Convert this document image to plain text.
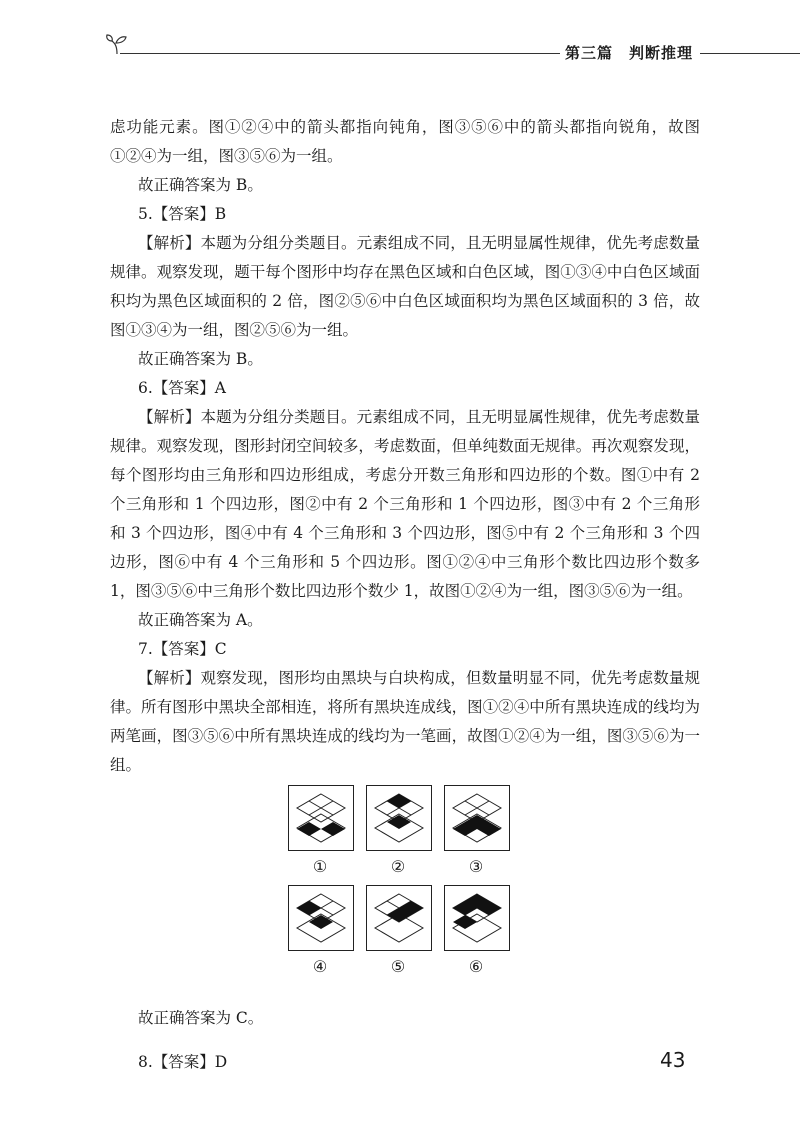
第三篇　判断推理

虑功能元素。图①②④中的箭头都指向钝角，图③⑤⑥中的箭头都指向锐角，故图①②④为一组，图③⑤⑥为一组。

故正确答案为 B。

5.【答案】B

【解析】本题为分组分类题目。元素组成不同，且无明显属性规律，优先考虑数量规律。观察发现，题干每个图形中均存在黑色区域和白色区域，图①③④中白色区域面积均为黑色区域面积的 2 倍，图②⑤⑥中白色区域面积均为黑色区域面积的 3 倍，故图①③④为一组，图②⑤⑥为一组。

故正确答案为 B。

6.【答案】A

【解析】本题为分组分类题目。元素组成不同，且无明显属性规律，优先考虑数量规律。观察发现，图形封闭空间较多，考虑数面，但单纯数面无规律。再次观察发现，每个图形均由三角形和四边形组成，考虑分开数三角形和四边形的个数。图①中有 2 个三角形和 1 个四边形，图②中有 2 个三角形和 1 个四边形，图③中有 2 个三角形和 3 个四边形，图④中有 4 个三角形和 3 个四边形，图⑤中有 2 个三角形和 3 个四边形，图⑥中有 4 个三角形和 5 个四边形。图①②④中三角形个数比四边形个数多 1，图③⑤⑥中三角形个数比四边形个数少 1，故图①②④为一组，图③⑤⑥为一组。

故正确答案为 A。

7.【答案】C

【解析】观察发现，图形均由黑块与白块构成，但数量明显不同，优先考虑数量规律。所有图形中黑块全部相连，将所有黑块连成线，图①②④中所有黑块连成的线均为两笔画，图③⑤⑥中所有黑块连成的线均为一笔画，故图①②④为一组，图③⑤⑥为一组。

①	②	③
④	⑤	⑥

故正确答案为 C。

8.【答案】D	43
